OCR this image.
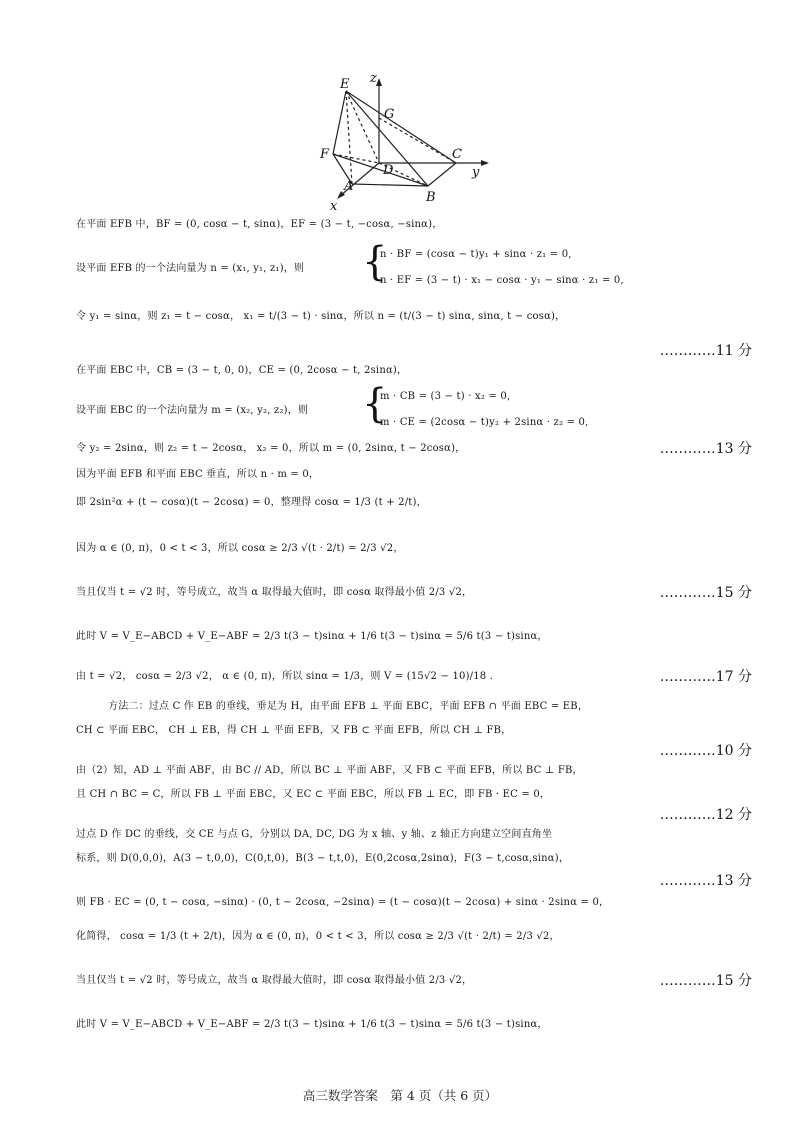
E z
G
F
D
C
y
A
B
x
在平面 EFB 中，BF = (0, cosα − t, sinα)，EF = (3 − t, −cosα, −sinα)，
设平面 EFB 的一个法向量为 n = (x₁, y₁, z₁)，则	{
n · BF = (cosα − t)y₁ + sinα · z₁ = 0,
n · EF = (3 − t) · x₁ − cosα · y₁ − sinα · z₁ = 0,
令 y₁ = sinα，则 z₁ = t − cosα， x₁ = t/(3 − t) · sinα，所以 n = (t/(3 − t) sinα, sinα, t − cosα)，
…………11 分
在平面 EBC 中，CB = (3 − t, 0, 0)，CE = (0, 2cosα − t, 2sinα)，
设平面 EBC 的一个法向量为 m = (x₂, y₂, z₂)，则	{
m · CB = (3 − t) · x₂ = 0,
m · CE = (2cosα − t)y₂ + 2sinα · z₂ = 0,
令 y₂ = 2sinα，则 z₂ = t − 2cosα， x₂ = 0，所以 m = (0, 2sinα, t − 2cosα)，	…………13 分
因为平面 EFB 和平面 EBC 垂直，所以 n · m = 0，
即 2sin²α + (t − cosα)(t − 2cosα) = 0，整理得 cosα = 1/3 (t + 2/t)，
因为 α ∈ (0, π)，0 < t < 3，所以 cosα ≥ 2/3 √(t · 2/t) = 2/3 √2，
当且仅当 t = √2 时，等号成立，故当 α 取得最大值时，即 cosα 取得最小值 2/3 √2，	…………15 分
此时 V = V_E−ABCD + V_E−ABF = 2/3 t(3 − t)sinα + 1/6 t(3 − t)sinα = 5/6 t(3 − t)sinα，
由 t = √2， cosα = 2/3 √2， α ∈ (0, π)，所以 sinα = 1/3，则 V = (15√2 − 10)/18 .	…………17 分
方法二：过点 C 作 EB 的垂线，垂足为 H，由平面 EFB ⊥ 平面 EBC，平面 EFB ∩ 平面 EBC = EB，
CH ⊂ 平面 EBC， CH ⊥ EB，得 CH ⊥ 平面 EFB，又 FB ⊂ 平面 EFB，所以 CH ⊥ FB，
…………10 分
由（2）知，AD ⊥ 平面 ABF，由 BC // AD，所以 BC ⊥ 平面 ABF，又 FB ⊂ 平面 EFB，所以 BC ⊥ FB，
且 CH ∩ BC = C，所以 FB ⊥ 平面 EBC，又 EC ⊂ 平面 EBC，所以 FB ⊥ EC，即 FB · EC = 0，
…………12 分
过点 D 作 DC 的垂线，交 CE 与点 G，分别以 DA, DC, DG 为 x 轴、y 轴、z 轴正方向建立空间直角坐
标系，则 D(0,0,0)，A(3 − t,0,0)，C(0,t,0)，B(3 − t,t,0)，E(0,2cosα,2sinα)，F(3 − t,cosα,sinα)，
…………13 分
则 FB · EC = (0, t − cosα, −sinα) · (0, t − 2cosα, −2sinα) = (t − cosα)(t − 2cosα) + sinα · 2sinα = 0，
化简得， cosα = 1/3 (t + 2/t)，因为 α ∈ (0, π)，0 < t < 3，所以 cosα ≥ 2/3 √(t · 2/t) = 2/3 √2，
当且仅当 t = √2 时，等号成立，故当 α 取得最大值时，即 cosα 取得最小值 2/3 √2，	…………15 分
此时 V = V_E−ABCD + V_E−ABF = 2/3 t(3 − t)sinα + 1/6 t(3 − t)sinα = 5/6 t(3 − t)sinα，
高三数学答案　第 4 页（共 6 页）
